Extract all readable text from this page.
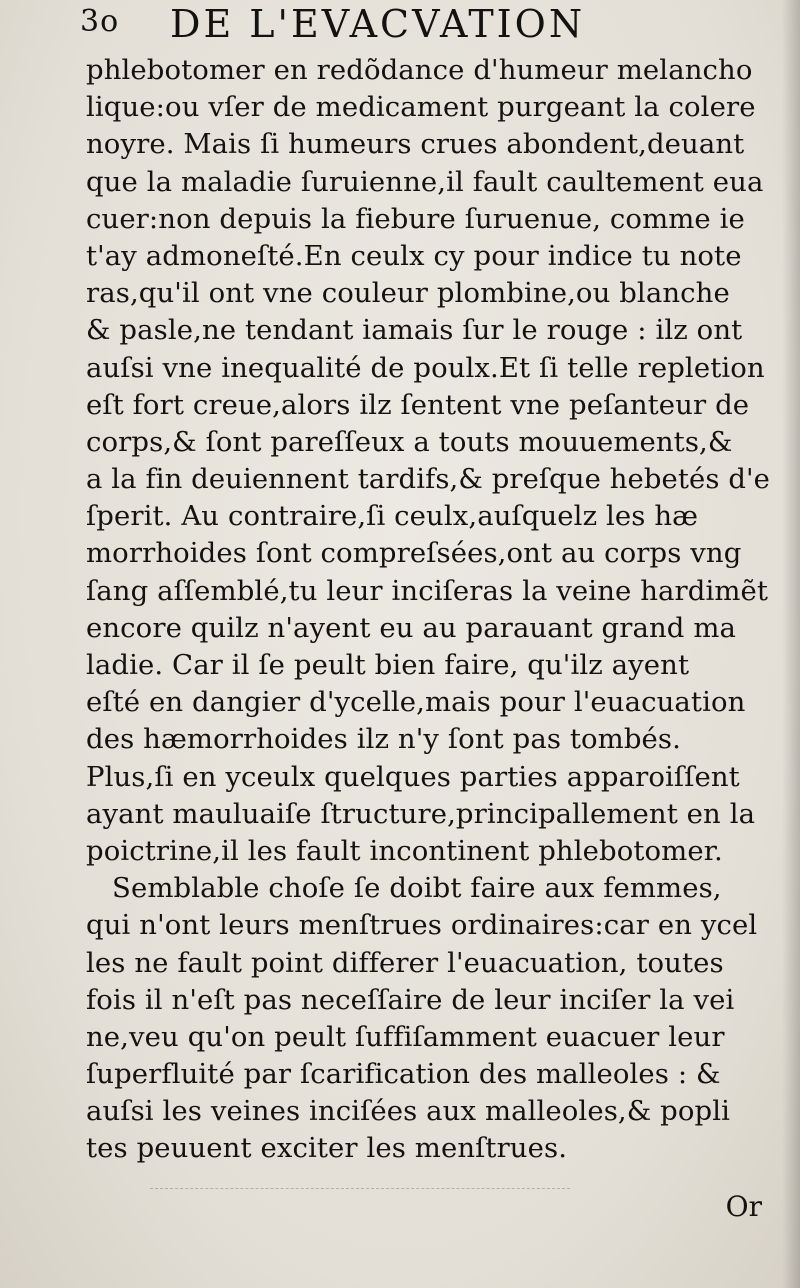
3o DE L'EVACVATION
phlebotomer en redõdance d'humeur melancho
lique:ou vſer de medicament purgeant la colere
noyre. Mais ſi humeurs crues abondent,deuant
que la maladie ſuruienne,il fault caultement eua
cuer:non depuis la fiebure ſuruenue, comme ie
t'ay admoneſté.En ceulx cy pour indice tu note
ras,qu'il ont vne couleur plombine,ou blanche
& pasle,ne tendant iamais ſur le rouge : ilz ont
auſsi vne inequalité de poulx.Et ſi telle repletion
eſt fort creue,alors ilz ſentent vne peſanteur de
corps,& ſont pareſſeux a touts mouuements,&
a la fin deuiennent tardifs,& preſque hebetés d'e
ſperit. Au contraire,ſi ceulx,auſquelz les hæ
morrhoides ſont compreſsées,ont au corps vng
ſang aſſemblé,tu leur inciſeras la veine hardimẽt
encore quilz n'ayent eu au parauant grand ma
ladie. Car il ſe peult bien faire, qu'ilz ayent
eſté en dangier d'ycelle,mais pour l'euacuation
des hæmorrhoides ilz n'y ſont pas tombés.
Plus,ſi en yceulx quelques parties apparoiſſent
ayant mauluaiſe ſtructure,principallement en la
poictrine,il les fault incontinent phlebotomer.
Semblable choſe ſe doibt faire aux femmes,
qui n'ont leurs menſtrues ordinaires:car en ycel
les ne fault point differer l'euacuation, toutes
fois il n'eſt pas neceſſaire de leur inciſer la vei
ne,veu qu'on peult ſuffiſamment euacuer leur
ſuperfluité par ſcarification des malleoles : &
auſsi les veines inciſées aux malleoles,& popli
tes peuuent exciter les menſtrues.
Or
